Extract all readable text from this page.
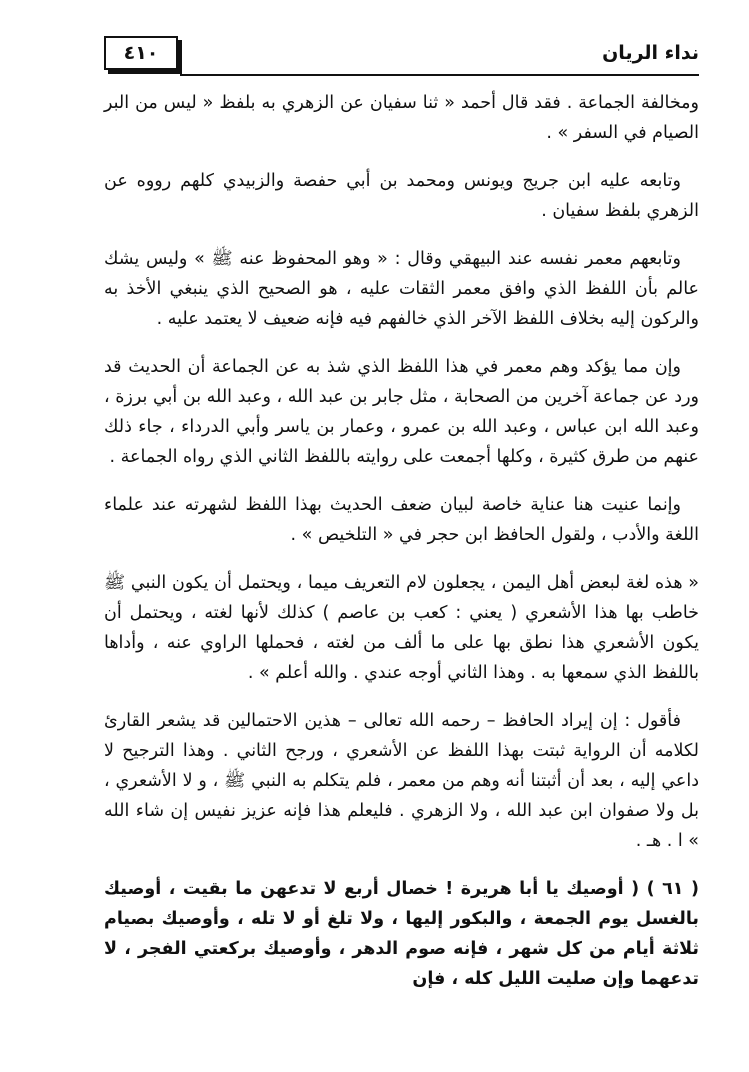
نداء الريان
٤١٠

ومخالفة الجماعة . فقد قال أحمد « ثنا سفيان عن الزهري به بلفظ « ليس من البر الصيام في السفر » .

وتابعه عليه ابن جريج ويونس ومحمد بن أبي حفصة والزبيدي كلهم رووه عن الزهري بلفظ سفيان .

وتابعهم معمر نفسه عند البيهقي وقال : « وهو المحفوظ عنه ﷺ » وليس يشك عالم بأن اللفظ الذي وافق معمر الثقات عليه ، هو الصحيح الذي ينبغي الأخذ به والركون إليه بخلاف اللفظ الآخر الذي خالفهم فيه فإنه ضعيف لا يعتمد عليه .

وإن مما يؤكد وهم معمر في هذا اللفظ الذي شذ به عن الجماعة أن الحديث قد ورد عن جماعة آخرين من الصحابة ، مثل جابر بن عبد الله ، وعبد الله بن أبي برزة ، وعبد الله ابن عباس ، وعبد الله بن عمرو ، وعمار بن ياسر وأبي الدرداء ، جاء ذلك عنهم من طرق كثيرة ، وكلها أجمعت على روايته باللفظ الثاني الذي رواه الجماعة .

وإنما عنيت هنا عناية خاصة لبيان ضعف الحديث بهذا اللفظ لشهرته عند علماء اللغة والأدب ، ولقول الحافظ ابن حجر في « التلخيص » .

« هذه لغة لبعض أهل اليمن ، يجعلون لام التعريف ميما ، ويحتمل أن يكون النبي ﷺ خاطب بها هذا الأشعري ( يعني : كعب بن عاصم ) كذلك لأنها لغته ، ويحتمل أن يكون الأشعري هذا نطق بها على ما ألف من لغته ، فحملها الراوي عنه ، وأداها باللفظ الذي سمعها به . وهذا الثاني أوجه عندي . والله أعلم » .

فأقول : إن إيراد الحافظ – رحمه الله تعالى – هذين الاحتمالين قد يشعر القارئ لكلامه أن الرواية ثبتت بهذا اللفظ عن الأشعري ، ورجح الثاني . وهذا الترجيح لا داعي إليه ، بعد أن أثبتنا أنه وهم من معمر ، فلم يتكلم به النبي ﷺ ، و لا الأشعري ، بل ولا صفوان ابن عبد الله ، ولا الزهري . فليعلم هذا فإنه عزيز نفيس إن شاء الله » ا . هـ .

( ٦١ ) ( أوصيك يا أبا هريرة ! خصال أربع لا تدعهن ما بقيت ، أوصيك بالغسل يوم الجمعة ، والبكور إليها ، ولا تلغ أو لا تله ، وأوصيك بصيام ثلاثة أيام من كل شهر ، فإنه صوم الدهر ، وأوصيك بركعتي الفجر ، لا تدعهما وإن صليت الليل كله ، فإن
